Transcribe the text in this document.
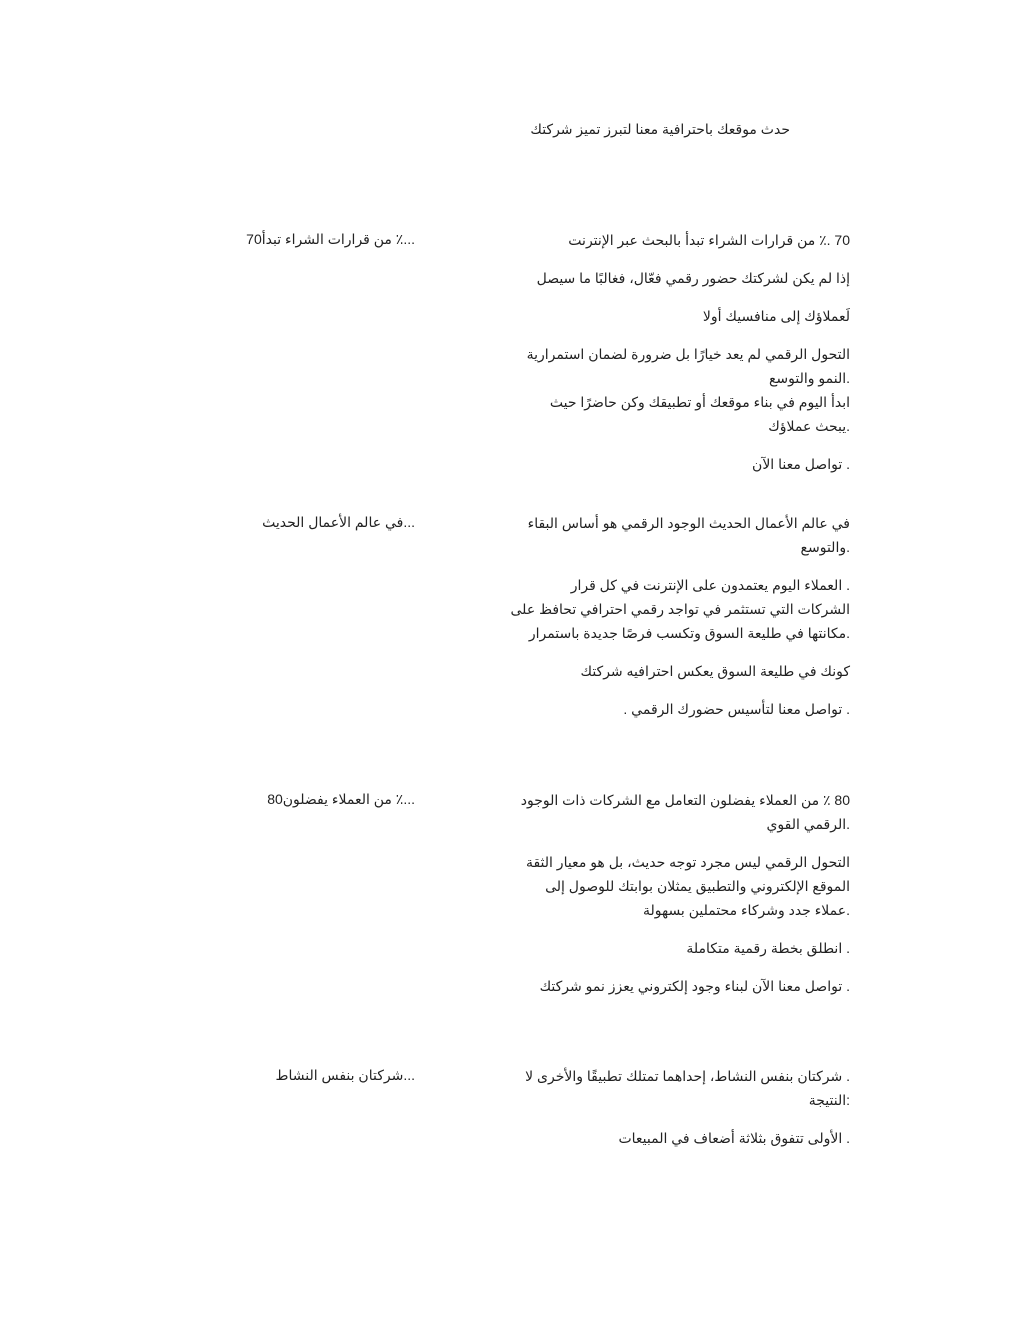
حدث موقعك باحترافية معنا لتبرز تميز شركتك
...٪ من قرارات الشراء تبدأ70	70 .٪ من قرارات الشراء تبدأ بالبحث عبر الإنترنت

إذا لم يكن لشركتك حضور رقمي فعّال، فغالبًا ما سيصل

لَعملاؤك إلى منافسيك أولا

التحول الرقمي لم يعد خيارًا بل ضرورة لضمان استمرارية
.النمو والتوسع
ابدأ اليوم في بناء موقعك أو تطبيقك وكن حاضرًا حيث
.يبحث عملاؤك

. تواصل معنا الآن

...في عالم الأعمال الحديث	في عالم الأعمال الحديث الوجود الرقمي هو أساس البقاء
.والتوسع

. العملاء اليوم يعتمدون على الإنترنت في كل قرار
الشركات التي تستثمر في تواجد رقمي احترافي تحافظ على
.مكانتها في طليعة السوق وتكسب فرصًا جديدة باستمرار

كونك في طليعة السوق يعكس احترافيه شركتك

. تواصل معنا لتأسيس حضورك الرقمي .

...٪ من العملاء يفضلون80	80 ٪ من العملاء يفضلون التعامل مع الشركات ذات الوجود
.الرقمي القوي

التحول الرقمي ليس مجرد توجه حديث، بل هو معيار الثقة
الموقع الإلكتروني والتطبيق يمثلان بوابتك للوصول إلى
.عملاء جدد وشركاء محتملين بسهولة

. انطلق بخطة رقمية متكاملة

. تواصل معنا الآن لبناء وجود إلكتروني يعزز نمو شركتك

...شركتان بنفس النشاط	. شركتان بنفس النشاط، إحداهما تمتلك تطبيقًا والأخرى لا
:النتيجة

. الأولى تتفوق بثلاثة أضعاف في المبيعات
